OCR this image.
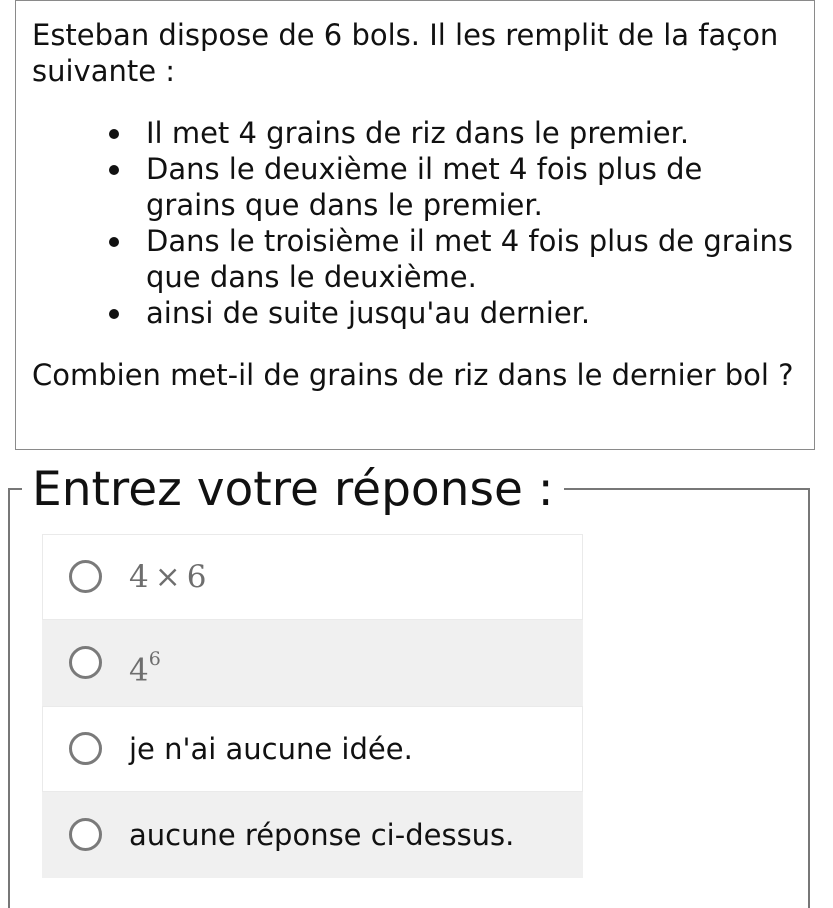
Esteban dispose de 6 bols. Il les remplit de la façon suivante :

Il met 4 grains de riz dans le premier.
Dans le deuxième il met 4 fois plus de grains que dans le premier.
Dans le troisième il met 4 fois plus de grains que dans le deuxième.
ainsi de suite jusqu'au dernier.

Combien met-il de grains de riz dans le dernier bol ?

Entrez votre réponse :
4 × 6
$4^6$
je n'ai aucune idée.
aucune réponse ci-dessus.
